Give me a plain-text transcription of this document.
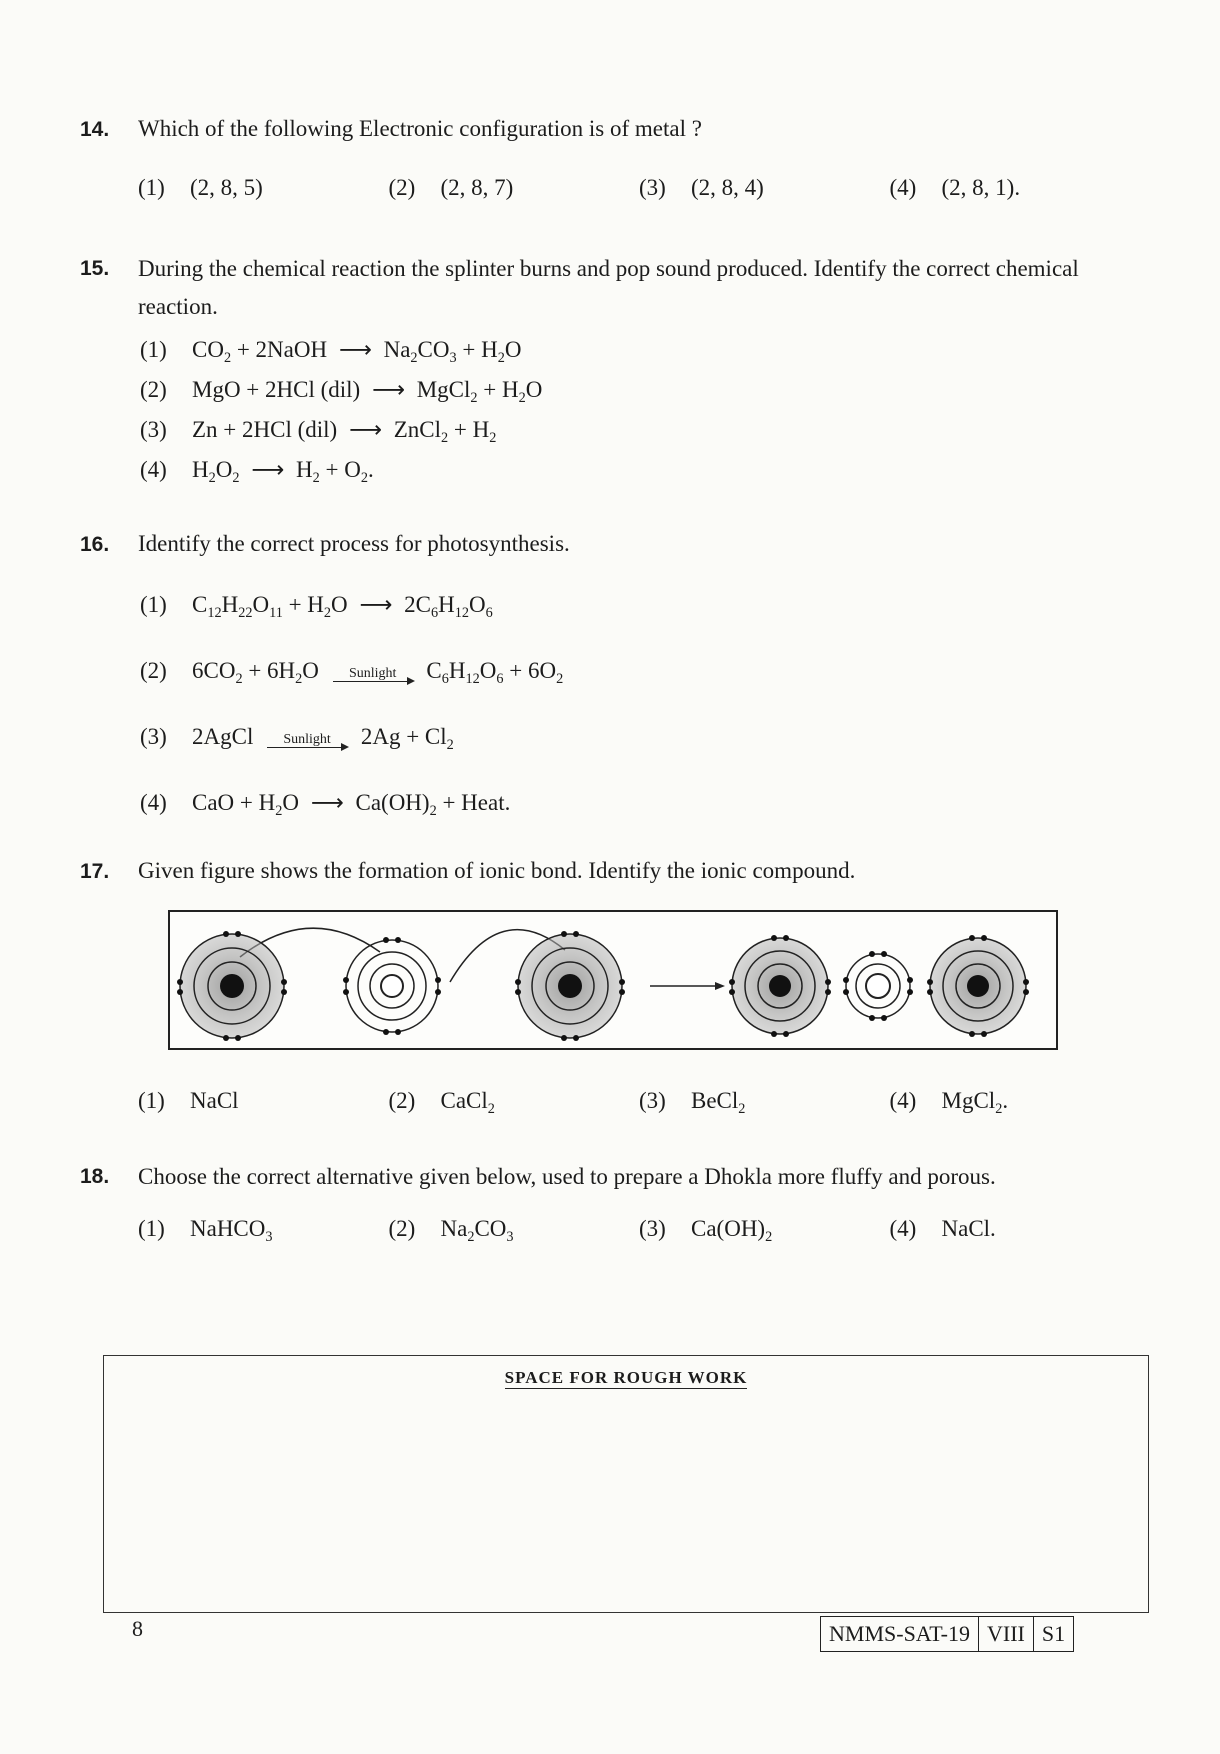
14. Which of the following Electronic configuration is of metal ?
(1) (2, 8, 5)	(2) (2, 8, 7)	(3) (2, 8, 4)	(4) (2, 8, 1).
15.	During the chemical reaction the splinter burns and pop sound produced. Identify the correct chemical reaction.
(1) $CO_2$ + 2NaOH ⟶ $Na_2CO_3 + H_2O$
(2) MgO + 2HCl (dil) ⟶ MgCl$_2$ + $H_2O$
(3) Zn + 2HCl (dil) ⟶ ZnCl$_2$ + $H_2$
(4) $H_2O_2$ ⟶ $H_2 + O_2$.
16. Identify the correct process for photosynthesis.
(1) $C_{12}H_{22}O_{11} + H_2O$ ⟶ $2C_6H_{12}O_6$
(2) $6CO_2 + 6H_2O$	Sunlight	$C_6H_{12}O_6 + 6O_2$
(3) 2AgCl	Sunlight	$2Ag + Cl_2$
(4) CaO + $H_2O$ ⟶ $Ca(OH)_2$ + Heat.
17. Given figure shows the formation of ionic bond. Identify the ionic compound.
(1) NaCl	(2) CaCl$_2$	(3) BeCl$_2$	(4) MgCl$_2$.
18.	Choose the correct alternative given below, used to prepare a Dhokla more fluffy and porous.
(1) NaHCO$_3$	(2) $Na_2CO_3$	(3) $Ca(OH)_2$	(4) NaCl.
SPACE FOR ROUGH WORK
8	NMMS-SAT-19 VIII S1
